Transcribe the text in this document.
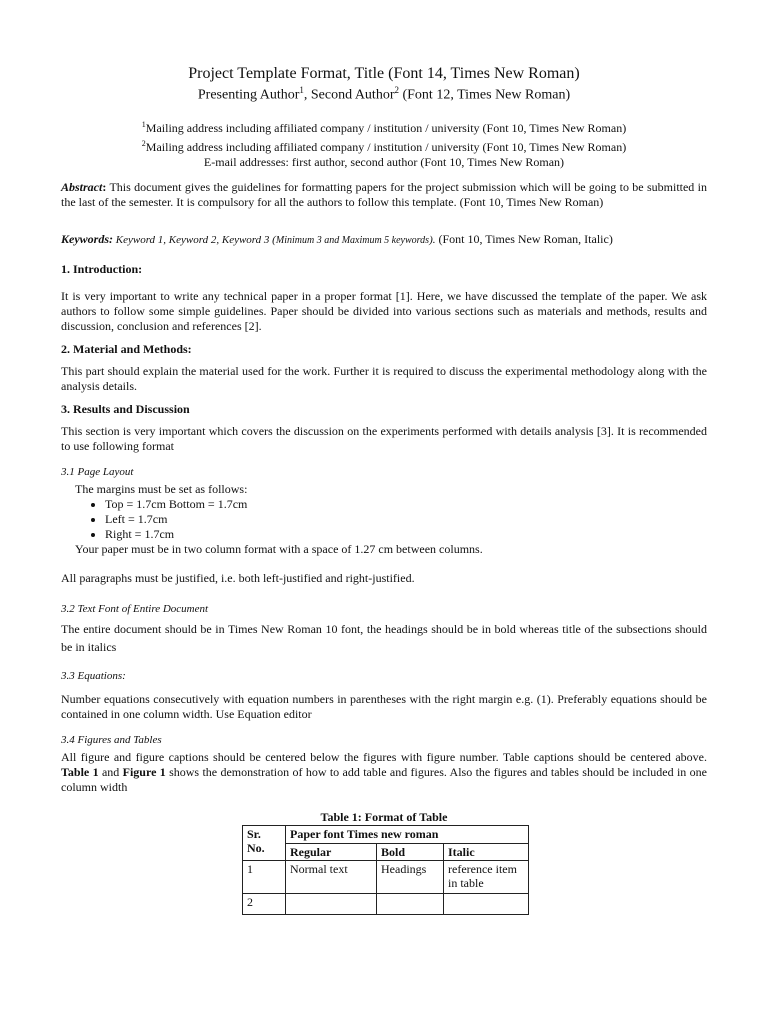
Project Template Format, Title (Font 14, Times New Roman)
Presenting Author$^1$, Second Author$^2$ (Font 12, Times New Roman)
$^1$Mailing address including affiliated company / institution / university (Font 10, Times New Roman)
$^2$Mailing address including affiliated company / institution / university (Font 10, Times New Roman)
E-mail addresses: first author, second author (Font 10, Times New Roman)
Abstract: This document gives the guidelines for formatting papers for the project submission which will be going to be submitted in the last of the semester. It is compulsory for all the authors to follow this template. (Font 10, Times New Roman)
Keywords: Keyword 1, Keyword 2, Keyword 3 (Minimum 3 and Maximum 5 keywords). (Font 10, Times New Roman, Italic)
1. Introduction:
It is very important to write any technical paper in a proper format [1]. Here, we have discussed the template of the paper. We ask authors to follow some simple guidelines. Paper should be divided into various sections such as materials and methods, results and discussion, conclusion and references [2].
2. Material and Methods:
This part should explain the material used for the work. Further it is required to discuss the experimental methodology along with the analysis details.
3. Results and Discussion
This section is very important which covers the discussion on the experiments performed with details analysis [3]. It is recommended to use following format
3.1 Page Layout
The margins must be set as follows:
• Top = 1.7cm Bottom = 1.7cm
• Left = 1.7cm
• Right = 1.7cm
Your paper must be in two column format with a space of 1.27 cm between columns.
All paragraphs must be justified, i.e. both left-justified and right-justified.
3.2 Text Font of Entire Document
The entire document should be in Times New Roman 10 font, the headings should be in bold whereas title of the subsections should be in italics
3.3 Equations:
Number equations consecutively with equation numbers in parentheses with the right margin e.g. (1). Preferably equations should be contained in one column width. Use Equation editor
3.4 Figures and Tables
All figure and figure captions should be centered below the figures with figure number. Table captions should be centered above. Table 1 and Figure 1 shows the demonstration of how to add table and figures. Also the figures and tables should be included in one column width
Table 1: Format of Table
Sr. No.	Paper font Times new roman		
	Regular	Bold	Italic
1	Normal text	Headings	reference item in table
2			
